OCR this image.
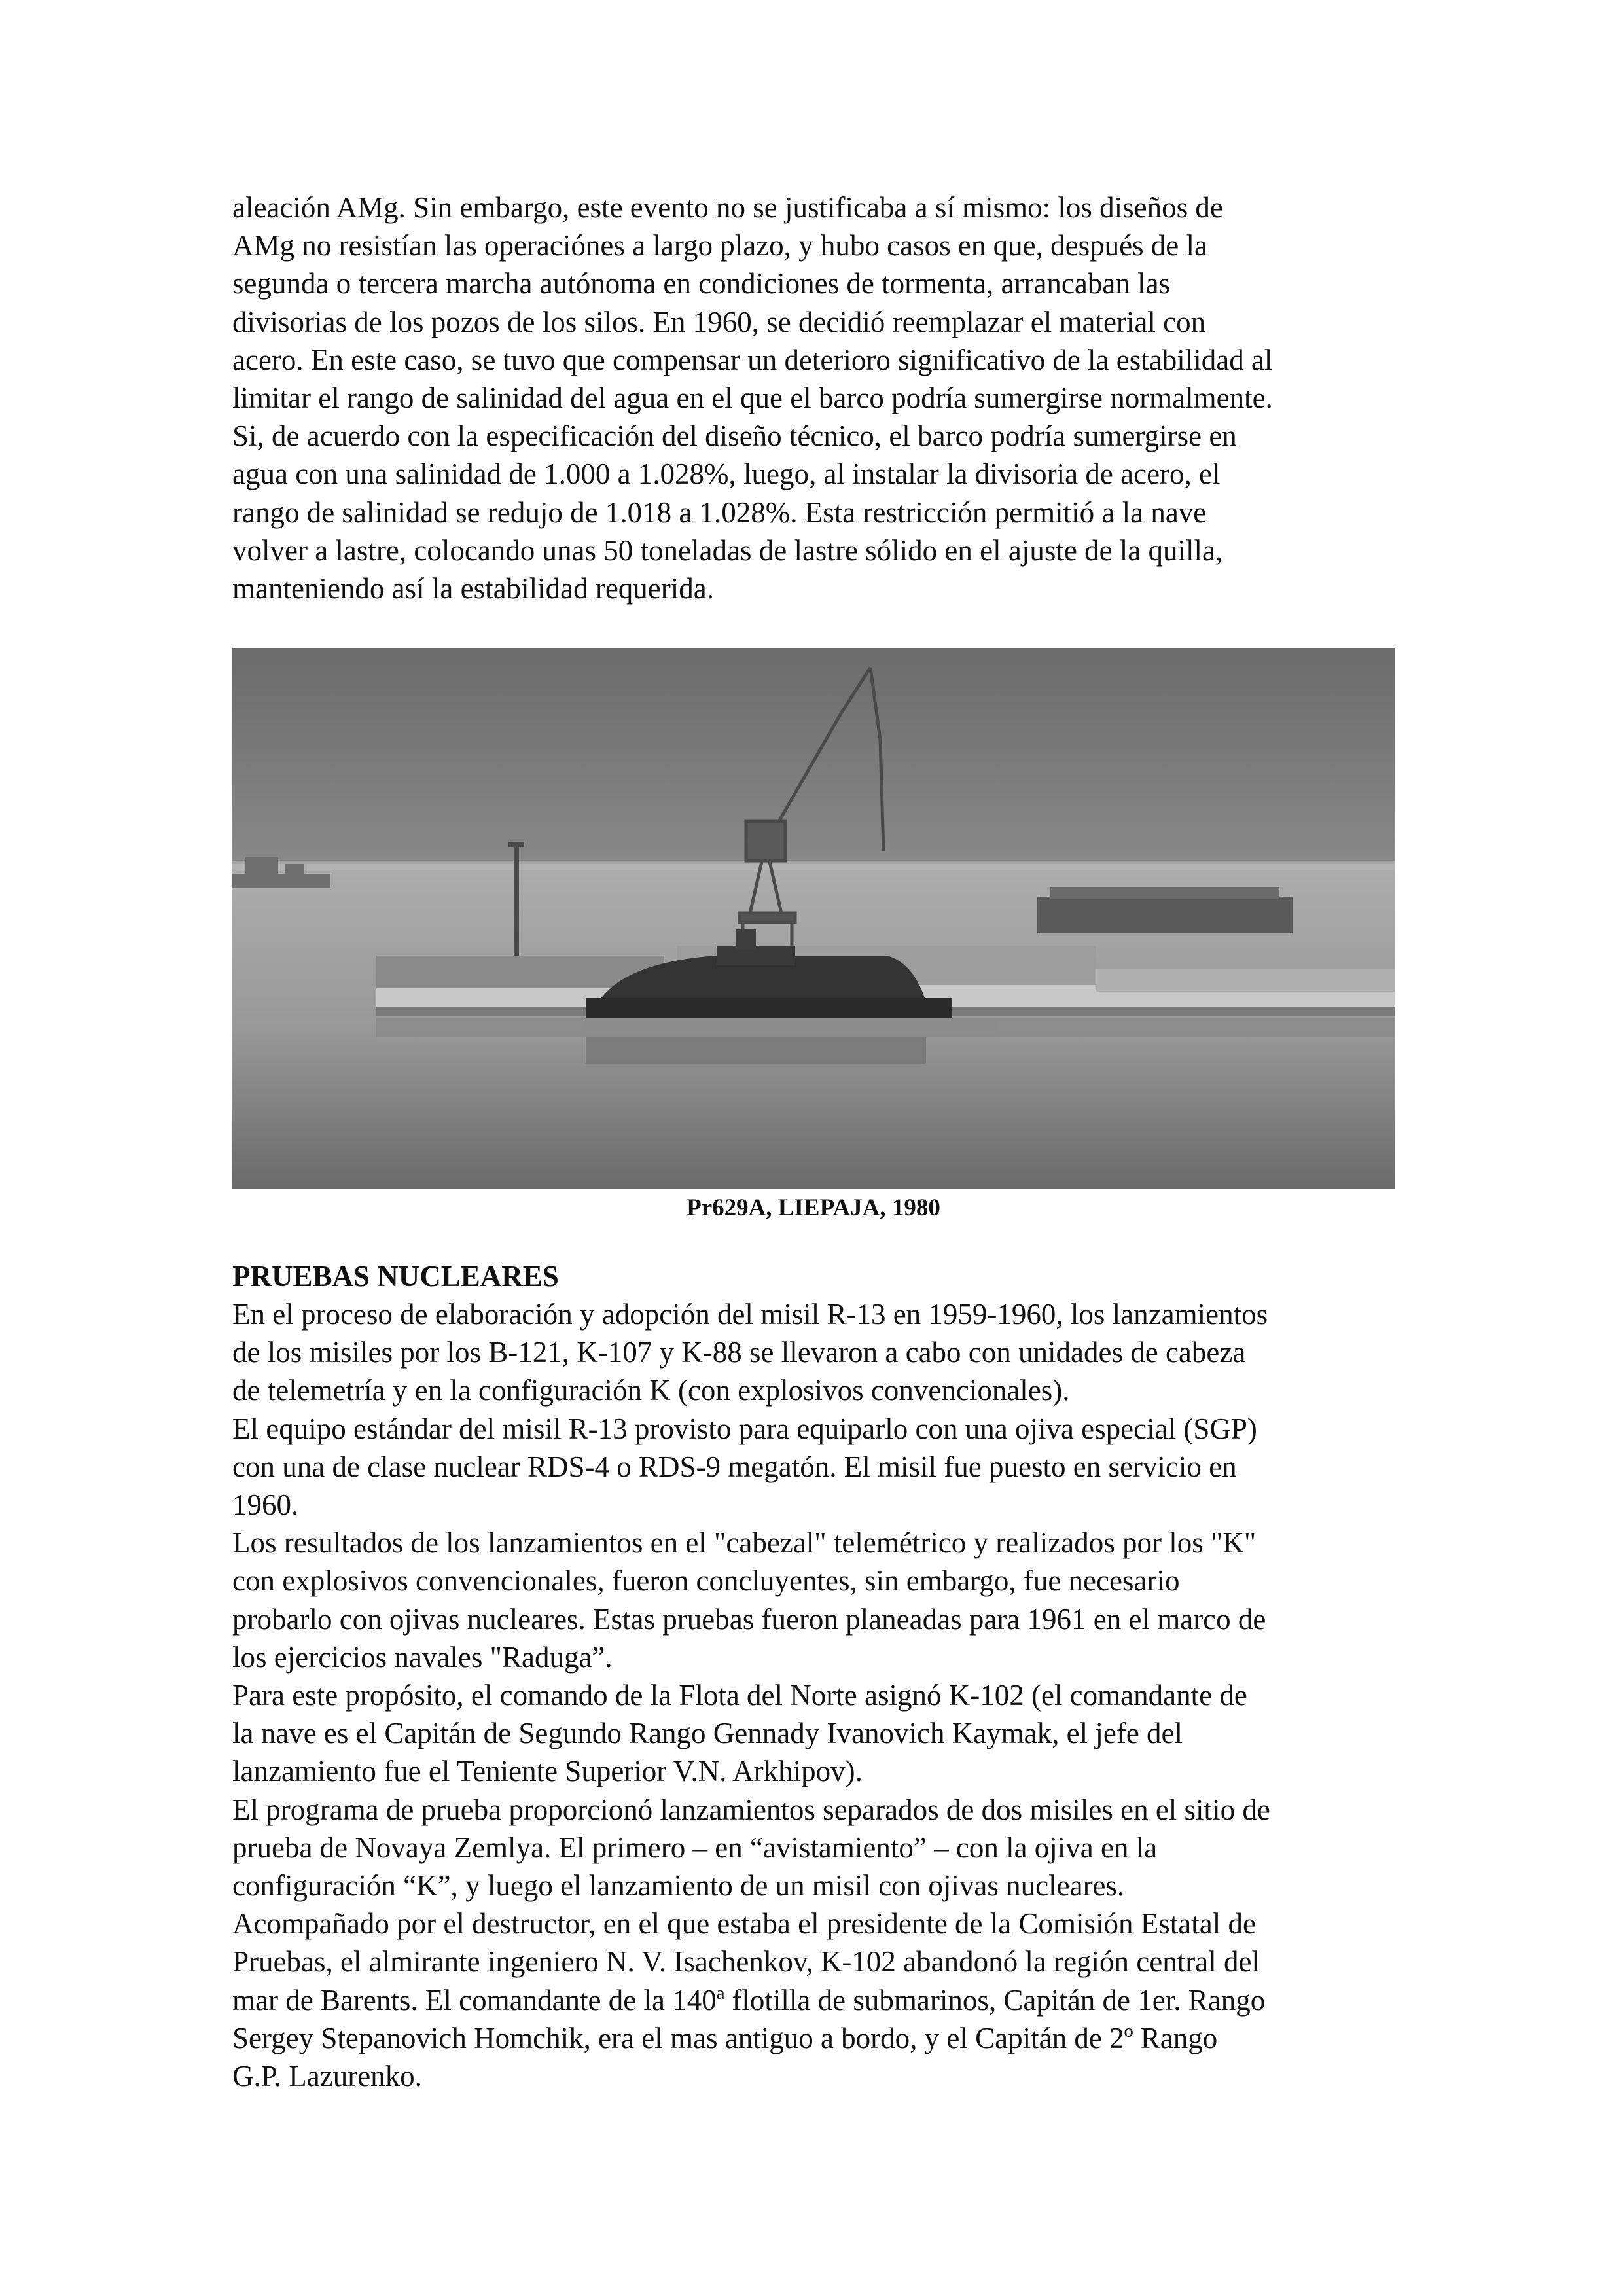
aleación AMg. Sin embargo, este evento no se justificaba a sí mismo: los diseños de

AMg no resistían las operaciónes a largo plazo, y hubo casos en que, después de la

segunda o tercera marcha autónoma en condiciones de tormenta, arrancaban las

divisorias de los pozos de los silos. En 1960, se decidió reemplazar el material con

acero. En este caso, se tuvo que compensar un deterioro significativo de la estabilidad al

limitar el rango de salinidad del agua en el que el barco podría sumergirse normalmente.

Si, de acuerdo con la especificación del diseño técnico, el barco podría sumergirse en

agua con una salinidad de 1.000 a 1.028%, luego, al instalar la divisoria de acero, el

rango de salinidad se redujo de 1.018 a 1.028%. Esta restricción permitió a la nave

volver a lastre, colocando unas 50 toneladas de lastre sólido en el ajuste de la quilla,

manteniendo así la estabilidad requerida.

Pr629A, LIEPAJA, 1980
PRUEBAS NUCLEARES

En el proceso de elaboración y adopción del misil R-13 en 1959-1960, los lanzamientos

de los misiles por los B-121, K-107 y K-88 se llevaron a cabo con unidades de cabeza

de telemetría y en la configuración K (con explosivos convencionales).

El equipo estándar del misil R-13 provisto para equiparlo con una ojiva especial (SGP)

con una de clase nuclear RDS-4 o RDS-9 megatón. El misil fue puesto en servicio en

1960.

Los resultados de los lanzamientos en el "cabezal" telemétrico y realizados por los "K"

con explosivos convencionales, fueron concluyentes, sin embargo, fue necesario

probarlo con ojivas nucleares. Estas pruebas fueron planeadas para 1961 en el marco de

los ejercicios navales "Raduga”.

Para este propósito, el comando de la Flota del Norte asignó K-102 (el comandante de

la nave es el Capitán de Segundo Rango Gennady Ivanovich Kaymak, el jefe del

lanzamiento fue el Teniente Superior V.N. Arkhipov).

El programa de prueba proporcionó lanzamientos separados de dos misiles en el sitio de

prueba de Novaya Zemlya. El primero – en “avistamiento” – con la ojiva en la

configuración “K”, y luego el lanzamiento de un misil con ojivas nucleares.

Acompañado por el destructor, en el que estaba el presidente de la Comisión Estatal de

Pruebas, el almirante ingeniero N. V. Isachenkov, K-102 abandonó la región central del

mar de Barents. El comandante de la 140ª flotilla de submarinos, Capitán de 1er. Rango

Sergey Stepanovich Homchik, era el mas antiguo a bordo, y el Capitán de 2º Rango

G.P. Lazurenko.
